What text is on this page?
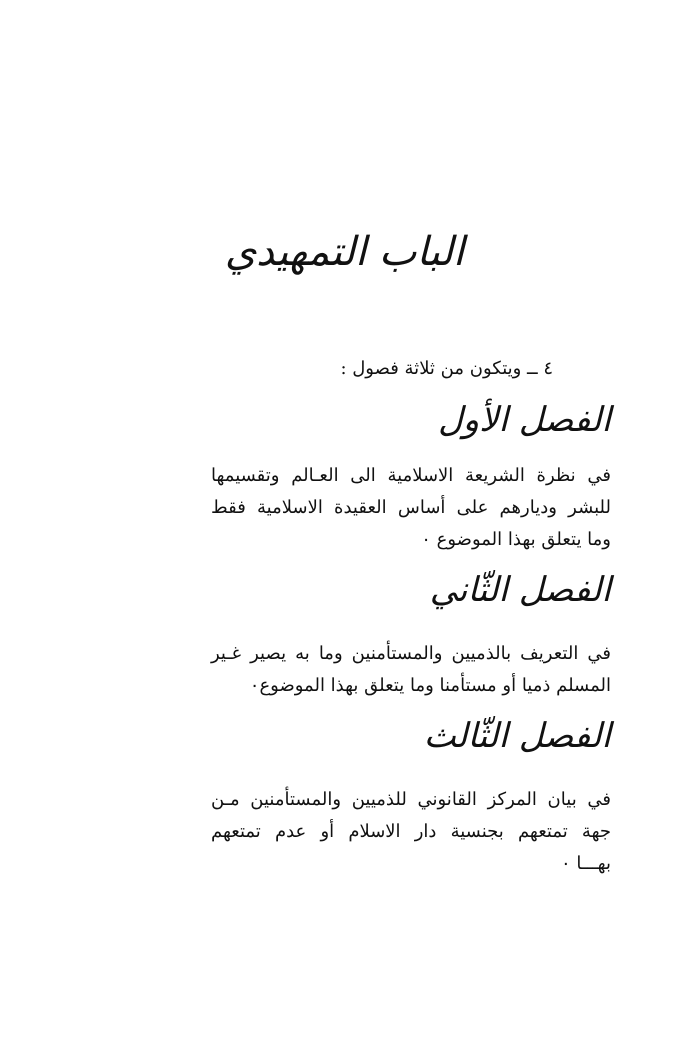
الباب التمهيدي
٤ ــ ويتكون من ثلاثة فصول :
الفصل الأول
في نظرة الشريعة الاسلامية الى العـالم وتقسيمها
للبشر وديارهم على أساس العقيدة الاسلامية فقط
وما يتعلق بهذا الموضوع ٠
الفصل الثّاني
في التعريف بالذميين والمستأمنين وما به يصير غـير
المسلم ذميا أو مستأمنا وما يتعلق بهذا الموضوع٠
الفصل الثّالث
في بيان المركز القانوني للذميين والمستأمنين مـن
جهة تمتعهم بجنسية دار الاسلام أو عدم تمتعهم
بهـــا ٠
